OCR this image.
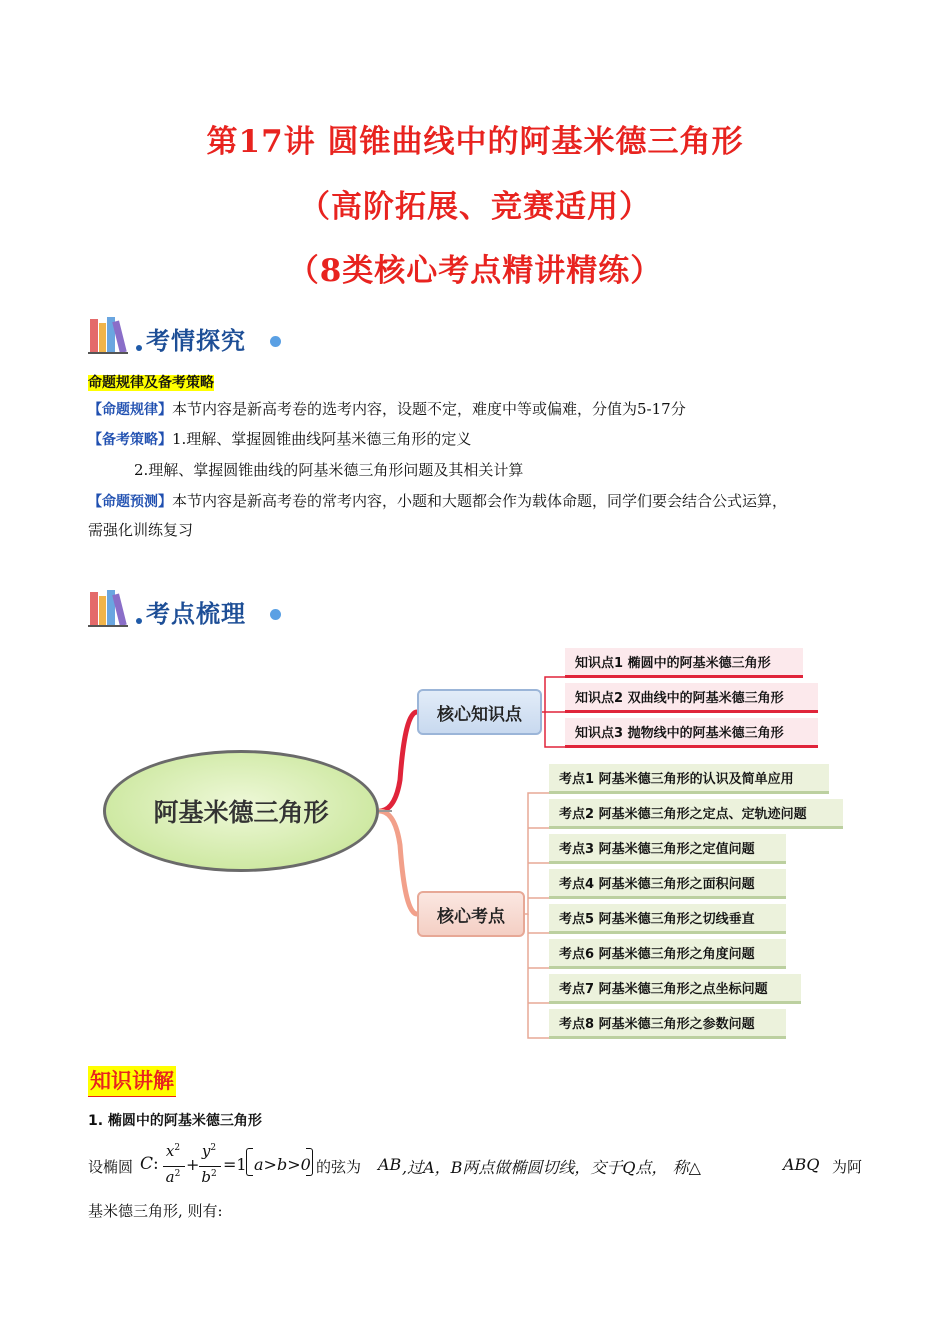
第17讲 圆锥曲线中的阿基米德三角形
（高阶拓展、竞赛适用）
（8类核心考点精讲精练）
考情探究
命题规律及备考策略
【命题规律】本节内容是新高考卷的选考内容，设题不定，难度中等或偏难，分值为5-17分
【备考策略】1.理解、掌握圆锥曲线阿基米德三角形的定义
2.理解、掌握圆锥曲线的阿基米德三角形问题及其相关计算
【命题预测】本节内容是新高考卷的常考内容，小题和大题都会作为载体命题，同学们要会结合公式运算，
需强化训练复习
考点梳理
阿基米德三角形
核心知识点
核心考点
知识点1 椭圆中的阿基米德三角形
知识点2 双曲线中的阿基米德三角形
知识点3 抛物线中的阿基米德三角形
考点1 阿基米德三角形的认识及简单应用
考点2 阿基米德三角形之定点、定轨迹问题
考点3 阿基米德三角形之定值问题
考点4 阿基米德三角形之面积问题
考点5 阿基米德三角形之切线垂直
考点6 阿基米德三角形之角度问题
考点7 阿基米德三角形之点坐标问题
考点8 阿基米德三角形之参数问题
知识讲解
1. 椭圆中的阿基米德三角形
设椭圆 C :
$x^2$
$a^2$ +
$y^2$
$b^2 =1$ a>b>0 的弦为 AB ,过A，B两点做椭圆切线，交于Q点， 称△	ABQ 为阿
基米德三角形, 则有:
